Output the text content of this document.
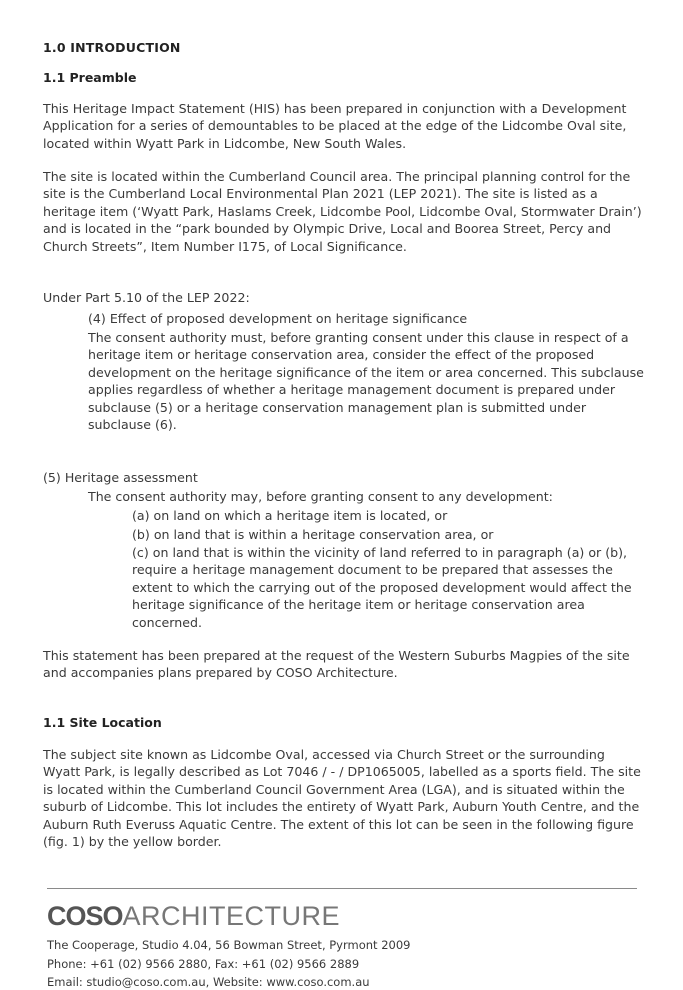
1.0 INTRODUCTION
1.1 Preamble

This Heritage Impact Statement (HIS) has been prepared in conjunction with a Development Application for a series of demountables to be placed at the edge of the Lidcombe Oval site, located within Wyatt Park in Lidcombe, New South Wales.

The site is located within the Cumberland Council area. The principal planning control for the site is the Cumberland Local Environmental Plan 2021 (LEP 2021). The site is listed as a heritage item (‘Wyatt Park, Haslams Creek, Lidcombe Pool, Lidcombe Oval, Stormwater Drain’) and is located in the “park bounded by Olympic Drive, Local and Boorea Street, Percy and Church Streets”, Item Number I175, of Local Significance.

Under Part 5.10 of the LEP 2022:

(4) Effect of proposed development on heritage significance

The consent authority must, before granting consent under this clause in respect of a heritage item or heritage conservation area, consider the effect of the proposed development on the heritage significance of the item or area concerned. This subclause applies regardless of whether a heritage management document is prepared under subclause (5) or a heritage conservation management plan is submitted under subclause (6).

(5) Heritage assessment

The consent authority may, before granting consent to any development:

(a) on land on which a heritage item is located, or

(b) on land that is within a heritage conservation area, or

(c) on land that is within the vicinity of land referred to in paragraph (a) or (b), require a heritage management document to be prepared that assesses the extent to which the carrying out of the proposed development would affect the heritage significance of the heritage item or heritage conservation area concerned.

This statement has been prepared at the request of the Western Suburbs Magpies of the site and accompanies plans prepared by COSO Architecture.

1.1 Site Location

The subject site known as Lidcombe Oval, accessed via Church Street or the surrounding Wyatt Park, is legally described as Lot 7046 / - / DP1065005, labelled as a sports field. The site is located within the Cumberland Council Government Area (LGA), and is situated within the suburb of Lidcombe. This lot includes the entirety of Wyatt Park, Auburn Youth Centre, and the Auburn Ruth Everuss Aquatic Centre. The extent of this lot can be seen in the following figure (fig. 1) by the yellow border.

COSOARCHITECTURE
The Cooperage, Studio 4.04, 56 Bowman Street, Pyrmont 2009
Phone: +61 (02) 9566 2880, Fax: +61 (02) 9566 2889
Email: studio@coso.com.au, Website: www.coso.com.au
